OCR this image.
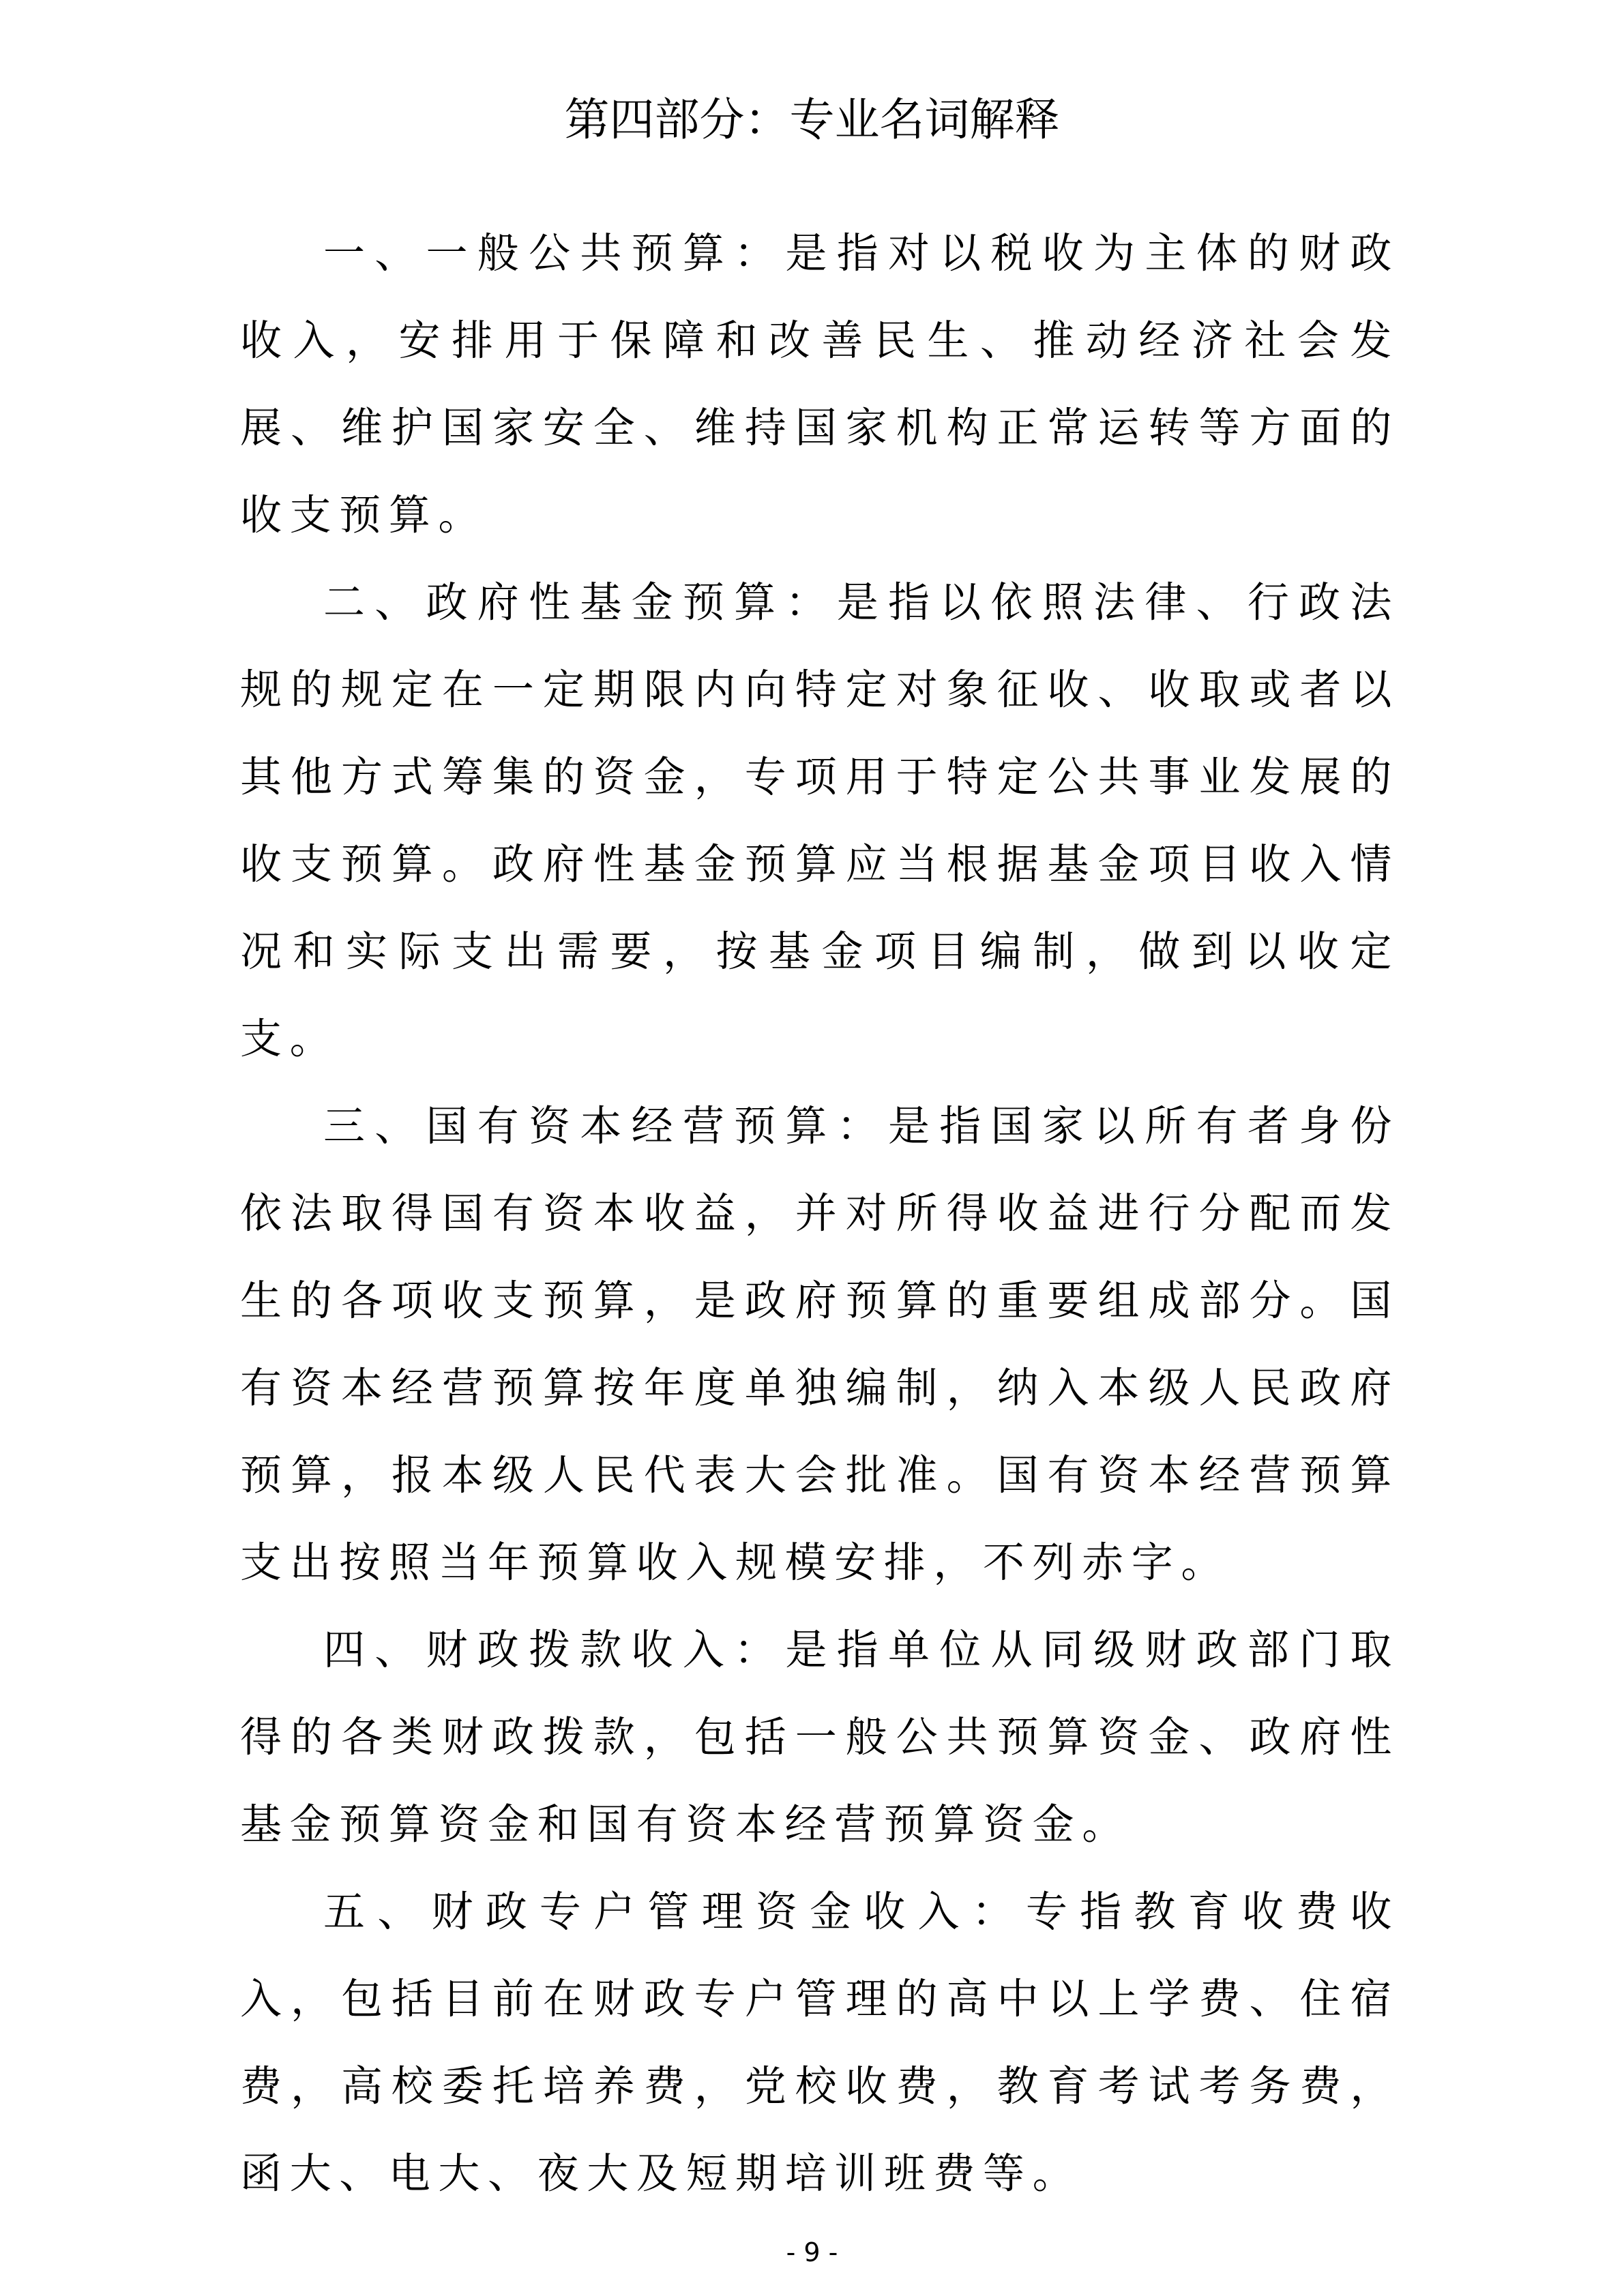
第四部分：专业名词解释

一、一般公共预算：是指对以税收为主体的财政收入，安排用于保障和改善民生、推动经济社会发展、维护国家安全、维持国家机构正常运转等方面的收支预算。

二、政府性基金预算：是指以依照法律、行政法规的规定在一定期限内向特定对象征收、收取或者以其他方式筹集的资金，专项用于特定公共事业发展的收支预算。政府性基金预算应当根据基金项目收入情况和实际支出需要，按基金项目编制，做到以收定支。

三、国有资本经营预算：是指国家以所有者身份依法取得国有资本收益，并对所得收益进行分配而发生的各项收支预算，是政府预算的重要组成部分。国有资本经营预算按年度单独编制，纳入本级人民政府预算，报本级人民代表大会批准。国有资本经营预算支出按照当年预算收入规模安排，不列赤字。

四、财政拨款收入：是指单位从同级财政部门取得的各类财政拨款，包括一般公共预算资金、政府性基金预算资金和国有资本经营预算资金。

五、财政专户管理资金收入：专指教育收费收入，包括目前在财政专户管理的高中以上学费、住宿费，高校委托培养费，党校收费，教育考试考务费，函大、电大、夜大及短期培训班费等。

- 9 -
